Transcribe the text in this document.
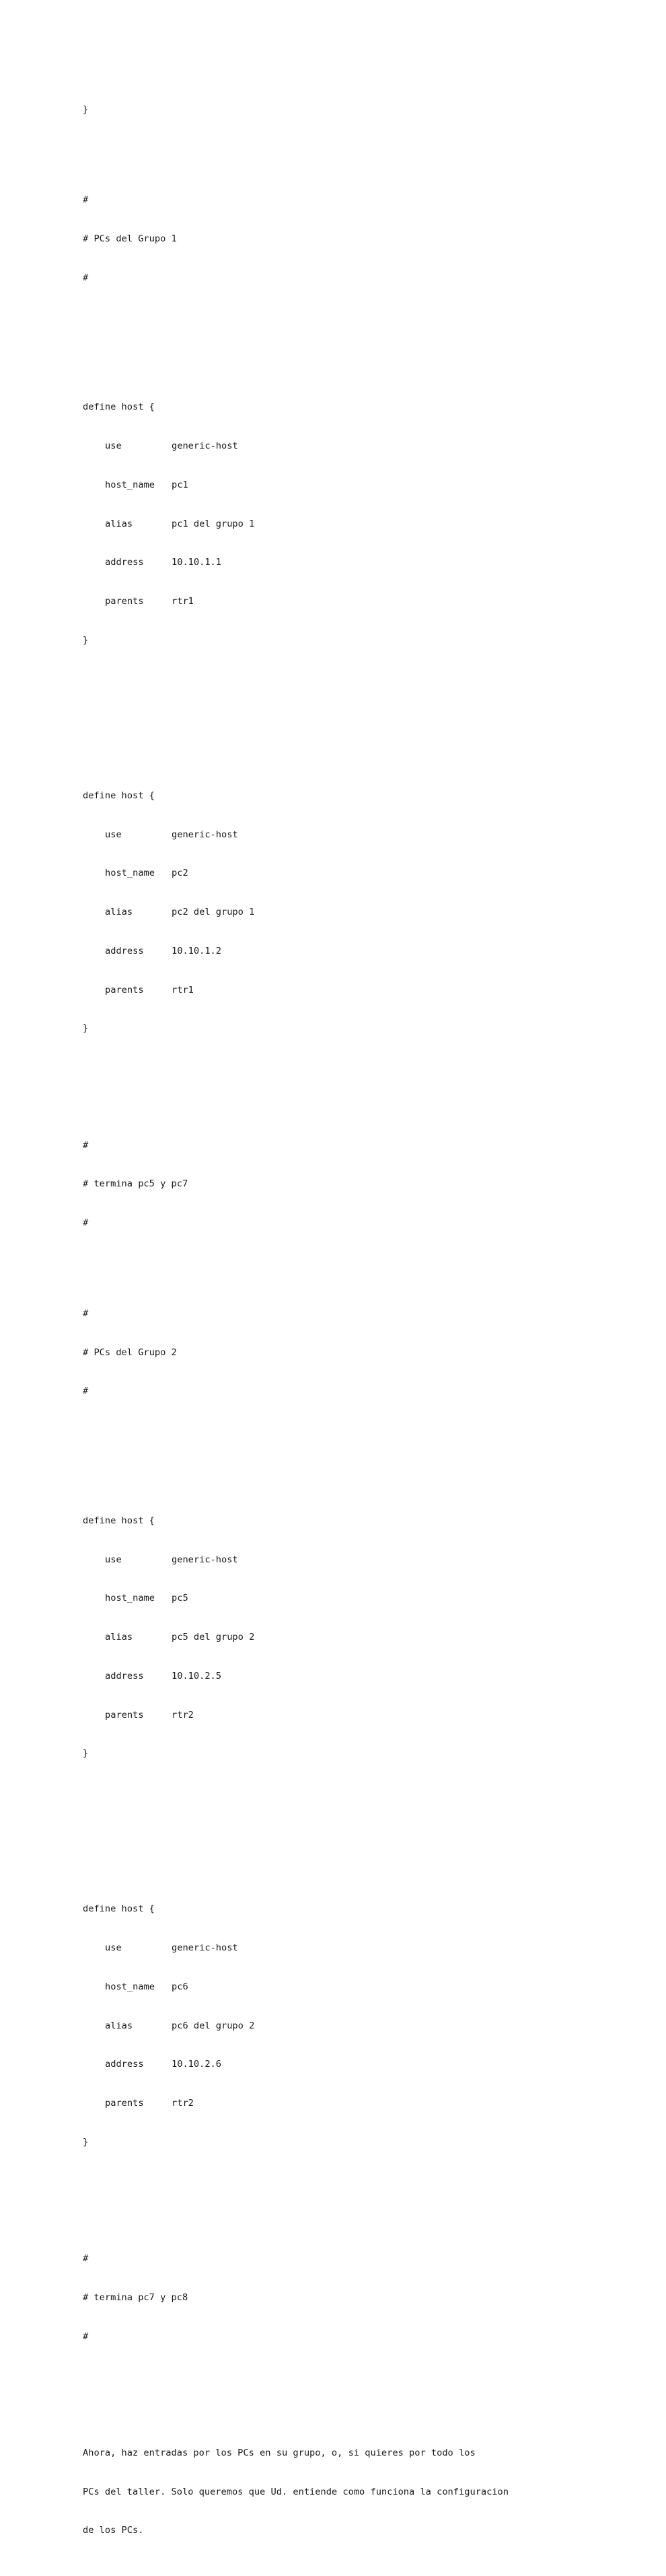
}

#

# PCs del Grupo 1

#

define host {

use	generic-host

host_name pc1

alias	pc1 del grupo 1

address	10.10.1.1

parents	rtr1

}

define host {

use	generic-host

host_name pc2

alias	pc2 del grupo 1

address	10.10.1.2

parents	rtr1

}

#

# termina pc5 y pc7

#

#

# PCs del Grupo 2

#

define host {

use	generic-host

host_name pc5

alias	pc5 del grupo 2

address	10.10.2.5

parents	rtr2

}

define host {

use	generic-host

host_name pc6

alias	pc6 del grupo 2

address	10.10.2.6

parents	rtr2

}

#

# termina pc7 y pc8

#

Ahora, haz entradas por los PCs en su grupo, o, si quieres por todo los

PCs del taller. Solo queremos que Ud. entiende como funciona la configuracion

de los PCs.
